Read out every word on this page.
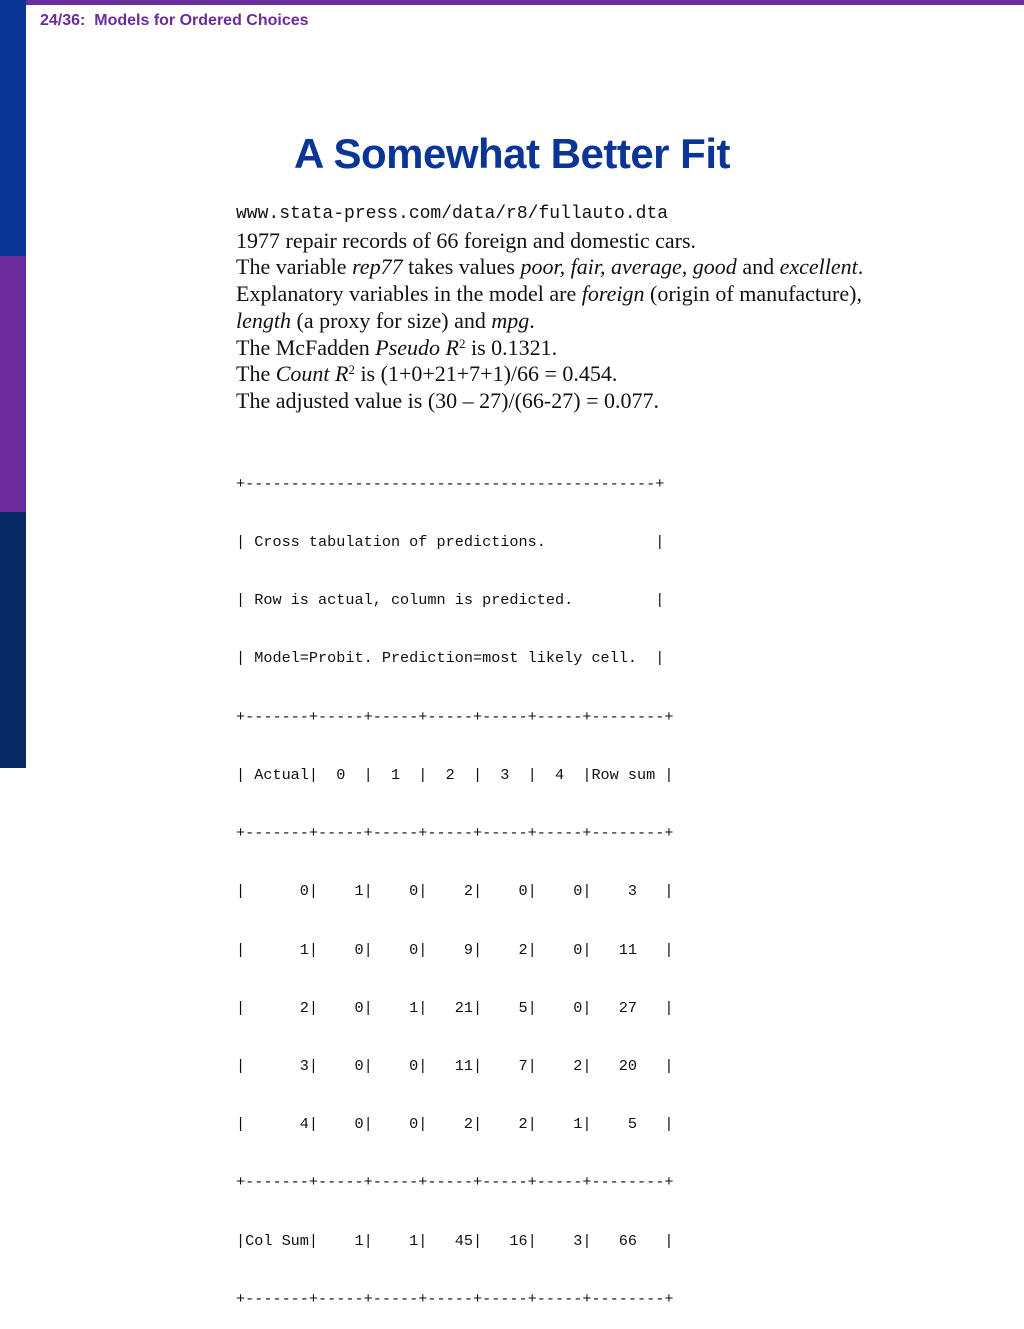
24/36:  Models for Ordered Choices
A Somewhat Better Fit
www.stata-press.com/data/r8/fullauto.dta
1977 repair records of 66 foreign and domestic cars.
The variable rep77 takes values poor, fair, average, good and excellent.
Explanatory variables in the model are foreign (origin of manufacture),
length (a proxy for size) and mpg.
The McFadden Pseudo $R^2$ is 0.1321.
The Count $R^2$ is (1+0+21+7+1)/66 = 0.454.
The adjusted value is (30 – 27)/(66-27) = 0.077.

+---------------------------------------------+

| Cross tabulation of predictions.            |

| Row is actual, column is predicted.         |

| Model=Probit. Prediction=most likely cell.  |

+-------+-----+-----+-----+-----+-----+--------+

| Actual|  0  |  1  |  2  |  3  |  4  |Row sum |

+-------+-----+-----+-----+-----+-----+--------+

|      0|    1|    0|    2|    0|    0|    3   |

|      1|    0|    0|    9|    2|    0|   11   |

|      2|    0|    1|   21|    5|    0|   27   |

|      3|    0|    0|   11|    7|    2|   20   |

|      4|    0|    0|    2|    2|    1|    5   |

+-------+-----+-----+-----+-----+-----+--------+

|Col Sum|    1|    1|   45|   16|    3|   66   |

+-------+-----+-----+-----+-----+-----+--------+
